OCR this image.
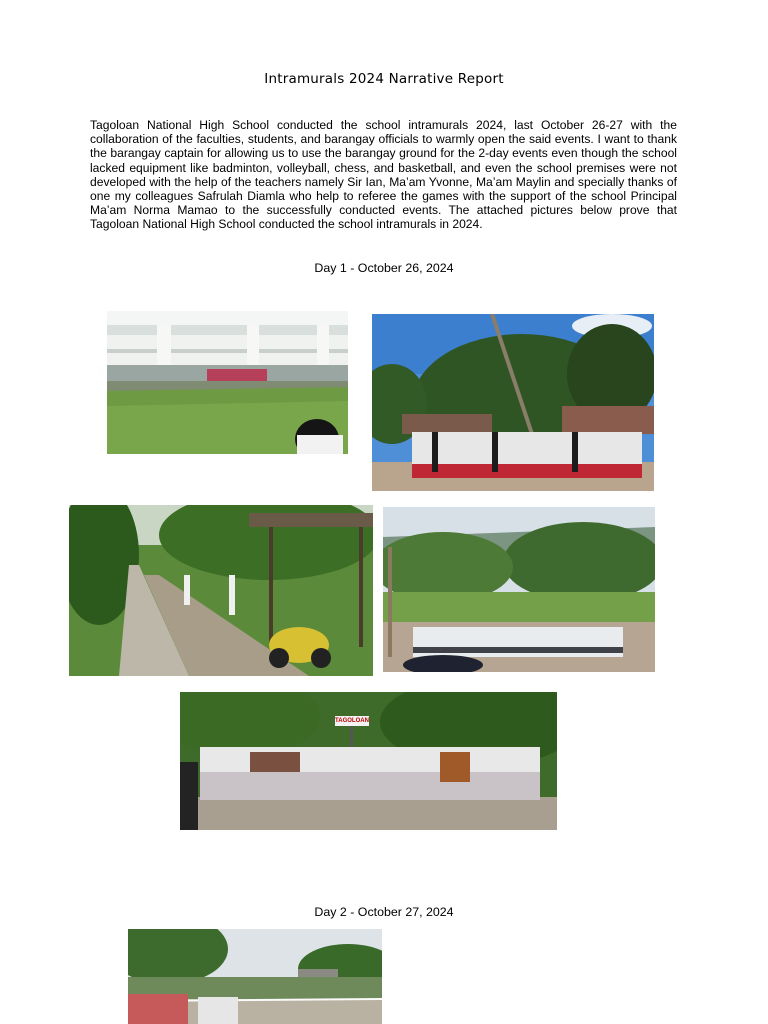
Intramurals 2024 Narrative Report

Tagoloan National High School conducted the school intramurals 2024, last October 26-27 with the collaboration of the faculties, students, and barangay officials to warmly open the said events. I want to thank the barangay captain for allowing us to use the barangay ground for the 2-day events even though the school lacked equipment like badminton, volleyball, chess, and basketball, and even the school premises were not developed with the help of the teachers namely Sir Ian, Ma’am Yvonne, Ma’am Maylin and specially thanks of one my colleagues Safrulah Diamla who help to referee the games with the support of the school Principal Ma’am Norma Mamao to the successfully conducted events. The attached pictures below prove that Tagoloan National High School conducted the school intramurals in 2024.

Day 1 - October 26, 2024
TAGOLOAN
Day 2 - October 27, 2024
